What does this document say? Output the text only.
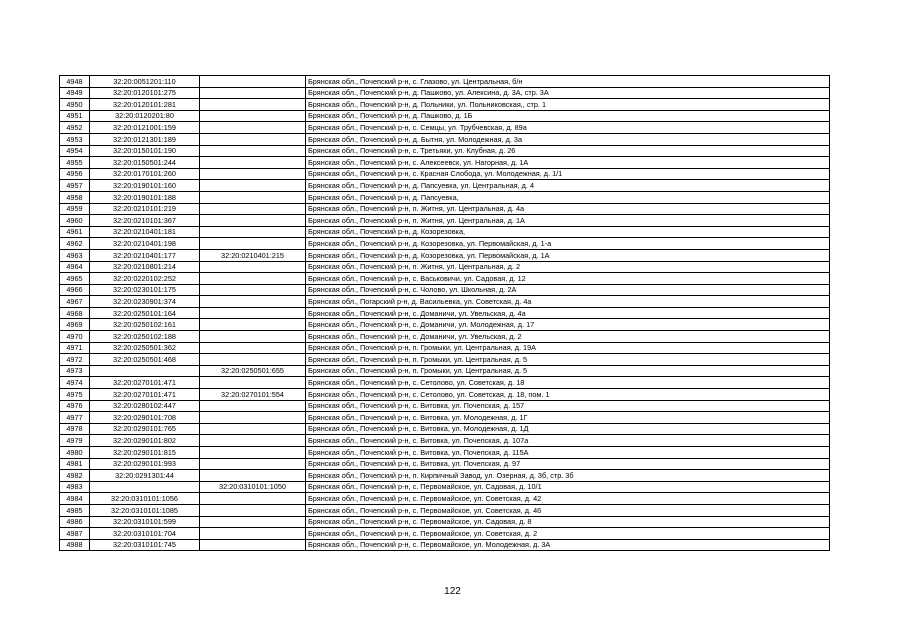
4948	32:20:0051201:110		Брянская обл., Почепский р-н, с. Глазово, ул. Центральная, б/н
4949	32:20:0120101:275		Брянская обл., Почепский р-н, д. Пашково, ул. Алексина, д. 3А, стр. 3А
4950	32:20:0120101:281		Брянская обл., Почепский р-н, д. Польники, ул. Польниковская,, стр. 1
4951	32:20:0120201:80		Брянская обл., Почепский р-н, д. Пашково, д. 1Б
4952	32:20:0121001:159		Брянская обл., Почепский р-н, с. Семцы, ул. Трубчевская, д. 89а
4953	32:20:0121301:189		Брянская обл., Почепский р-н, д. Бытня, ул. Молодежная, д. 3а
4954	32:20:0150101:190		Брянская обл., Почепский р-н, с. Третьяки, ул. Клубная, д. 26
4955	32:20:0150501:244		Брянская обл., Почепский р-н, с. Алексеевск, ул. Нагорная, д. 1А
4956	32:20:0170101:260		Брянская обл., Почепский р-н, с. Красная Слобода, ул. Молодежная, д. 1/1
4957	32:20:0190101:160		Брянская обл., Почепский р-н, д. Папсуевка, ул. Центральная, д. 4
4958	32:20:0190101:188		Брянская обл., Почепский р-н, д. Папсуевка,
4959	32:20:0210101:219		Брянская обл., Почепский р-н, п. Житня, ул. Центральная, д. 4а
4960	32:20:0210101:367		Брянская обл., Почепский р-н, п. Житня, ул. Центральная, д. 1А
4961	32:20:0210401:181		Брянская обл., Почепский р-н, д. Козорезовка,
4962	32:20:0210401:198		Брянская обл., Почепский р-н, д. Козорезовка, ул. Первомайская, д. 1-а
4963	32:20:0210401:177	32:20:0210401:215	Брянская обл., Почепский р-н, д. Козорезовка, ул. Первомайская, д. 1А
4964	32:20:0210801:214		Брянская обл., Почепский р-н, п. Житня, ул. Центральная, д. 2
4965	32:20:0220102:252		Брянская обл., Почепский р-н, с. Васьковичи, ул. Садовая, д. 12
4966	32:20:0230101:175		Брянская обл., Почепский р-н, с. Чолово, ул. Школьная, д. 2А
4967	32:20:0230901:374		Брянская обл., Погарский р-н, д. Васильевка, ул. Советская, д. 4а
4968	32:20:0250101:164		Брянская обл., Почепский р-н, с. Доманичи, ул. Увельская, д. 4а
4969	32:20:0250102:161		Брянская обл., Почепский р-н, с. Доманичи, ул. Молодежная, д. 17
4970	32:20:0250102:188		Брянская обл., Почепский р-н, с. Доманичи, ул. Увельская, д. 2
4971	32:20:0250501:362		Брянская обл., Почепский р-н, п. Громыки, ул. Центральная, д. 19А
4972	32:20:0250501:468		Брянская обл., Почепский р-н, п. Громыки, ул. Центральная, д. 5
4973		32:20:0250501:655	Брянская обл., Почепский р-н, п. Громыки, ул. Центральная, д. 5
4974	32:20:0270101:471		Брянская обл., Почепский р-н, с. Сетолово, ул. Советская, д. 18
4975	32:20:0270101:471	32:20:0270101:554	Брянская обл., Почепский р-н, с. Сетолово, ул. Советская, д. 18, пом. 1
4976	32:20:0280102:447		Брянская обл., Почепский р-н, с. Витовка, ул. Почепская, д. 157
4977	32:20:0290101:708		Брянская обл., Почепский р-н, с. Витовка, ул. Молодежная, д. 1Г
4978	32:20:0290101:765		Брянская обл., Почепский р-н, с. Витовка, ул. Молодежная, д. 1Д
4979	32:20:0290101:802		Брянская обл., Почепский р-н, с. Витовка, ул. Почепская, д. 107а
4980	32:20:0290101:815		Брянская обл., Почепский р-н, с. Витовка, ул. Почепская, д. 115А
4981	32:20:0290101:993		Брянская обл., Почепский р-н, с. Витовка, ул. Почепская, д. 97
4982	32:20:0291301:44		Брянская обл., Почепский р-н, п. Кирпичный Завод, ул. Озерная, д. 3б, стр. 3б
4983		32:20:0310101:1050	Брянская обл., Почепский р-н, с. Первомайское, ул. Садовая, д. 10/1
4984	32:20:0310101:1056		Брянская обл., Почепский р-н, с. Первомайское, ул. Советская, д. 42
4985	32:20:0310101:1085		Брянская обл., Почепский р-н, с. Первомайское, ул. Советская, д. 46
4986	32:20:0310101:599		Брянская обл., Почепский р-н, с. Первомайское, ул. Садовая, д. 8
4987	32:20:0310101:704		Брянская обл., Почепский р-н, с. Первомайское, ул. Советская, д. 2
4988	32:20:0310101:745		Брянская обл., Почепский р-н, с. Первомайское, ул. Молодежная, д. 3А
122
